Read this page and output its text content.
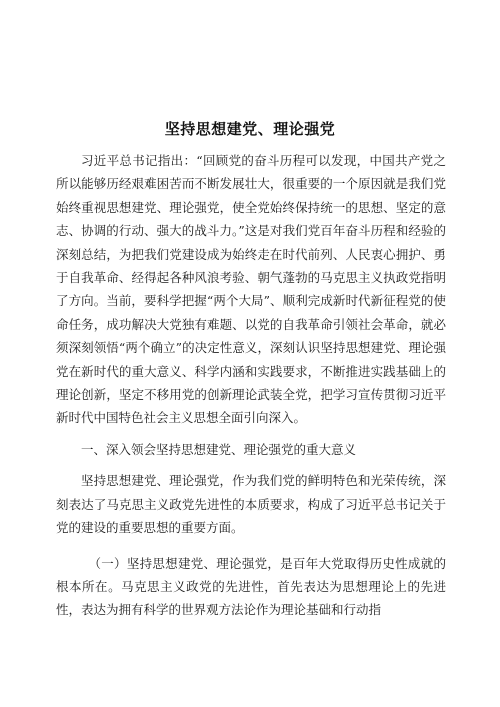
坚持思想建党、理论强党

习近平总书记指出：“回顾党的奋斗历程可以发现，中国共产党之所以能够历经艰难困苦而不断发展壮大，很重要的一个原因就是我们党始终重视思想建党、理论强党，使全党始终保持统一的思想、坚定的意志、协调的行动、强大的战斗力。”这是对我们党百年奋斗历程和经验的深刻总结，为把我们党建设成为始终走在时代前列、人民衷心拥护、勇于自我革命、经得起各种风浪考验、朝气蓬勃的马克思主义执政党指明了方向。当前，要科学把握“两个大局”、顺利完成新时代新征程党的使命任务，成功解决大党独有难题、以党的自我革命引领社会革命，就必须深刻领悟“两个确立”的决定性意义，深刻认识坚持思想建党、理论强党在新时代的重大意义、科学内涵和实践要求，不断推进实践基础上的理论创新，坚定不移用党的创新理论武装全党，把学习宣传贯彻习近平新时代中国特色社会主义思想全面引向深入。

一、深入领会坚持思想建党、理论强党的重大意义

坚持思想建党、理论强党，作为我们党的鲜明特色和光荣传统，深刻表达了马克思主义政党先进性的本质要求，构成了习近平总书记关于党的建设的重要思想的重要方面。

（一）坚持思想建党、理论强党，是百年大党取得历史性成就的根本所在。马克思主义政党的先进性，首先表达为思想理论上的先进性，表达为拥有科学的世界观方法论作为理论基础和行动指
